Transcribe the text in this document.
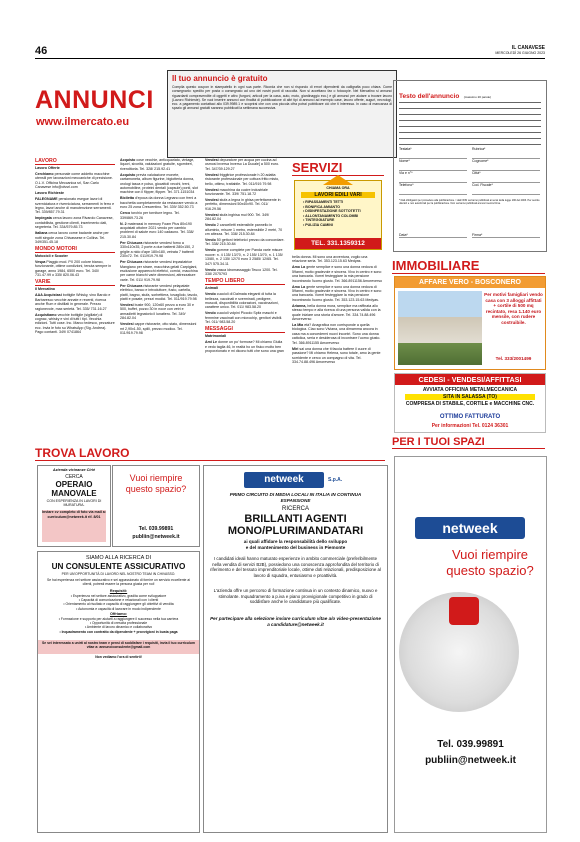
46	IL CANAVESE
MERCOLEDÌ 26 GIUGNO 2023
ANNUNCI
www.ilmercato.eu
Il tuo annuncio è gratuito
Compila questo coupon in stampatello in ogni sua parte. Ricorda che non si rispondo di errori dipendenti da calligrafia poco chiara. Come consegnarlo: spedito per posta o consegnato ad uno dei nostri punti di raccolta. Non si accettano fax o fotocopie. Nel Mercatino si annunci riguardanti compravendite di oggetti e altro (furgoni, articoli per la casa, auto, moto, giardinaggio ecc.) e gli annunci per aiutare a trovare lavoro (Lavoro Richieste). Se vuoi inserire annunci con finalità di pubblicazione di altri tipi di annunci ad esempio case, lavoro offerte, auguri, necrologi, ecc. a pagamento contattaci allo 039.9989.1 e scoprirai che con una piccola cifra potrai pubblicare ciò che ti interessa. In caso di mancanza di spazio gli annunci gratuiti saranno pubblicati la settimana successiva.
Testo dell'annuncio (massimo 20 parole)
Testata*
Nome*
Via e n°*
Telefono*
Rubrica*
Cognome*
Città*
Cod. Fiscale*
* Dati obbligatori per procedere alla pubblicazione. I dati NON verranno pubblicati ai sensi della legge 196 del 2003. Per sentire ulteriori e non autorizzati per la pubblicazione. Non verranno pubblicati annunci senza firma.
Data*	Firma*
LAVORO

Lavoro Offerte

Cerchiamo personale come addetto macchine utensili per lavorazioni meccaniche di precisione. O.L.V. Officina Meccanica srl, San Carlo Canavese info@olvsrl.com

Lavoro Richieste

FALEGNAME pensionato esegue lavori di sverniciatura e riverniciatura, serramenti in ferro e legno, lavori anche di manutenzione serramenti. Tel. 339/857.79.31

Impiegata cerca lavoro zona Rivarolo Canavese, contabilista, gestione clienti, inserimento dati, segreteria. Tel. 334/579.85.73

Italiana cerca lavoro come badante anche per notti singole zona Chivassese e Collina. Tel. 349/351.45.18

MONDO MOTORI

Motocicli e Scooter

Vespa Piaggio mod. PX 200 colore bianco, funzionante, ottime condizioni, tenuta sempre in garage, anno 1984, 6500 euro. Tel. 340/ 731.47.99 o 335/ 820.06.43

VARIE

Il Mercatino

AAA Acquistasi bottiglie Whisky, vino Barolo e Barbaresco vecchie annate e recenti, ricerca anche Rum e distillati in generale. Prezzo ragionevole, max serietà. Tel. 335/ 731.16.27

Acquistiamo vecchie bottiglie (sigillate) di cognac, whisky e vini di tutti i tipi. Vecchia edizioni. Tutti cose. Inc. Marco tedesco, pezzature ecc. Invia le foto su WhatsApp (Sig. Andrea). Pago contanti. 349/ 0741864

Acquisto cose vecchie, anticquariato, vintage, liquori, sivorità, valutazioni gratuite, sgomberi, rivenditoria. Tel. 328/ 215.92.41

Acquisto previa valutazione monete, cartamoneta, album figurine, bigiotteria donna, orologi tasca e polso, giocattoli vecchi, treni, automobiline, proteini dentali (capsule) ponti, slot machine con il flipper, flipper. Tel. 371.1151034

Biciletta d'epoca da donna Legnano con freni a bacchetta completamente da restaurare vendo a euro 25 zona Crescentino. Tel. 339/ 352.50.73

Cerco torchio per torniture legno. Tel. 339/869.73.26

N. 2 materassi in memory Foam Plus 80x190 acquistati ottobre 2021 vendo per cambio problemi di salute euro 140 cadauno. Tel. 338/ 215.30.84

Per Chiusura ristorante vendesi forno a 330x110x35, 2 porte a due battenti 280x150, 2 griglie a nido d'ape 180x180, vetrata 7 battenti 230x72. Tel. 011/919.79.98

Per Chiusura ristorante vendesi impastatrice Mangiano per strare, macchina gelati Carpigiani, esclusione apparecchi elettrici, cornici, macchina per carne bianchi varie dimensioni, attrezzature varie. Tel. 011/ 919.79.98

Per Chiusura ristorante vendesi pelapatate elettrico, banco e introduttore, fusto, cartella, piatti, bagno, stufa, sorbettiera, tovagliolo, tavolo, piatti e posate, prezzi modici. Tel. 011/919.79.98

Vendesi buste 900, 120x60 pezzo a euro 30 e 500, buffet, pozzo 30 in noce con vetri e armadietti legnatorio il lunatiero. Tel. 349/ 284.82.04

Vendesi cappe ristorante, otto stato, dimensioni mt 2,90x1.50, spilli, prezzo modico. Tel. 011/919.79.98

Vendesi depuratore per acqua per cucina ad osmosi inversa Inverso La Ducale] a 500 euro. Tel. 347/39.129.27

Vendesi friggitrice professionale h 20 adatta ristorante professionale per cottura fritto misto, bello, ottimo, trattabile. Tel. 011/919.79.98

Vendesi macchina da cucire industriale funzionante. Tel. 339/ 751.18.72

Vendesi stufa a legna in ghisa perfettamente in perfetto, dimensioni 50x40x90. Tel. 011/ 916.29.56

Vendesi stufa inghisa mui 900. Tel. 349/ 284.82.04

Vendo 2 cancelletti estensibile pannello in alluminio, misure 1 metro, estensibile 2 metri, 70 cm altezza. Tel. 338/ 215.30.84

Vendo 50 gettoni telefonici prezzo da concordare. Tel. 338/ 215.30.84

Vendo gomme complete per Panda varie misure nuove: n. 4 135/ 13/70, n. 2 155/ 13/70, n. 1 135/ 13/80, n. 2 135/ 12/70 euro 3 2585/ 12/65. Tel. 347/ 575.34.11

Vendo vasca idromassaggio Teuco 1200. Tel. 338/ 2075793

TEMPO LIBERO

Animali

Vendo cuccioli di Dalmata eleganti di tutta la bellezza, vaccinati e sverminati, pedigree, muscoli, disponibilità colorazioni, vaccinazioni, carattere unico. Tel. 011/ 983.58.20

Vendo cuccioli volpini Piccolo Spitz maschi e femmine vaccinati con microchip, genitori visibili. Tel. 011/ 983.58.20

MESSAGGI

Matrimoniali

Ami Le donne un po' formose? Mi chiamo Giulia e vedo taglia 46, in realtà ho un fisico molto ben proporzionato e mi dicono tutti che sono una gran

SERVIZI
CHIAMA ORA
LAVORI EDILI VARI
• RIPASSAMENTI TETTI
• BONIFICA AMIANTO
• DISINFESTAZIONE SOTTOTETTI
• ALLONTANAMENTO COLOMBI
• TINTEGGIATURE
• PULIZIA CAMINI
TEL. 331.1359312

bella donna. Mi sono una avventura, voglio una relazione seria. Tel. 353.123.15.63 Medyas.

Amo La gente semplice e sono una donna vedova di 59anni, molto gradevole e sincera. Vivo in centro e sono una bancaria. Vorrei festeggiare la mia pensione incontrando l'uomo giusto. Tel. 366.8911156 Amoreverso

Amo La gente semplice e sono una donna vedova di 59anni, molto gradevole e sincera. Vivo in centro e sono una bancaria. Vorrei festeggiare la mia pensione incontrando l'uomo giusto. Tel. 353.123.15.63 Medyas.

Arianna, bella donna mora, semplice ma raffinata allo stesso tempo e alla ricerca di una persona valida con la quale iniziare una storia d'amore. Tel. 334.74.88.496 Amoreverso

La Mia età? Anagrafica non corrisponde a quella biologica. Ciao sono Viviana, una dimamma ancora in casa ma a concedermi nuovi incontri. Sono una donna cattolica, seria e desiderosa di incontrare l'uomo giusto. Tel. 366.8911155 Amoreverso

Miri sai una donna che ti faccia battere il cuore di passione? Mi chiamo Helena, sono totale, amo la gente sorridente e cerco un compagno di vita. Tel. 334.74.88.496 Amoreverso

IMMOBILIARE
AFFARE VERO - BOSCONERO
Per motivi famigliari vendo casa con 3 alloggi affittati + cortile di 500 mq recintato, resa 1.140 euro mensile, con rudere costruibile.
Tel. 333/2001499
CEDESI - VENDESI/AFFITTASI
AVVIATA OFFICINA METALMECCANICA
SITA IN SALASSA (TO)
COMPRESA DI STABILE, CORTILE e MACCHINE CNC.
OTTIMO FATTURATO
Per informazioni Tel. 0124 36301
PER I TUOI SPAZI
netweek
Vuoi riempire questo spazio?
Tel. 039.99891
publiin@netweek.it
TROVA LAVORO
Azienda vicinanze Cirié
CERCA
OPERAIO
MANOVALE
CON ESPERIENZA IN LAVORI DI MURATURA.
Inviare cv completo di foto via mail a: curriculum@netweek.it rif. 8/01
Vuoi riempire questo spazio?
Tel. 039.99891
publiin@netweek.it
SIAMO ALLA RICERCA DI
UN CONSULENTE ASSICURATIVO
PER UN'OPPORTUNITÀ DI LAVORO NEL NOSTRO TEAM IN CHIVASSO.
Se hai esperienza nel settore assicurativo e sei appassionato di fornire un servizio eccellente ai clienti, potresti essere la persona giusta per noi!
Requisiti:
• Esperienza nel settore assicurativo, gradita come sviluppatore
• Capacità di comunicazione e relazionali con i clienti
• Orientamento al risultato e capacità di raggiungere gli obiettivi di vendita
• Autonomia e capacità di lavorare in modo indipendente
Offriamo:
• Formazione e supporto per aiutarti a raggiungere il successo nella tua carriera
• Opportunità di crescita professionale
• Ambiente di lavoro dinamico e collaborativo
• Inquadramento con contratto da dipendente + provvigioni in busta paga
Se sei interessato a unirti al nostro team e pensi di soddisfare i requisiti, invia il tuo curriculum vitae a: annunciconsulente@gmail.com
Non vediamo l'ora di sentirti!
netweek	S.p.A.
PRIMO CIRCUITO DI MEDIA LOCALI IN ITALIA IN CONTINUA ESPANSIONE
RICERCA
BRILLANTI AGENTI
MONO/PLURIMANDATARI
ai quali affidare la responsabilità dello sviluppo
e del mantenimento del business in Piemonte
I candidati ideali hanno maturato esperienze in ambito commerciale (preferibilmente nella vendita di servizi B2B), possiedono una conoscenza approfondita del territorio di riferimento e del tessuto imprenditoriale locale, ottime doti relazionali, predisposizione al lavoro di squadra, entusiasmo e proattività.
L'azienda offre un percorso di formazione continua in un contesto dinamico, nuovo e stimolante. Inquadramento a p.iva e piano provvigionale competitivo in grado di soddisfare anche le candidature più qualificate.
Per partecipare alla selezione inviare curriculum vitae a/o video-presentazione a candidature@netweek.it
